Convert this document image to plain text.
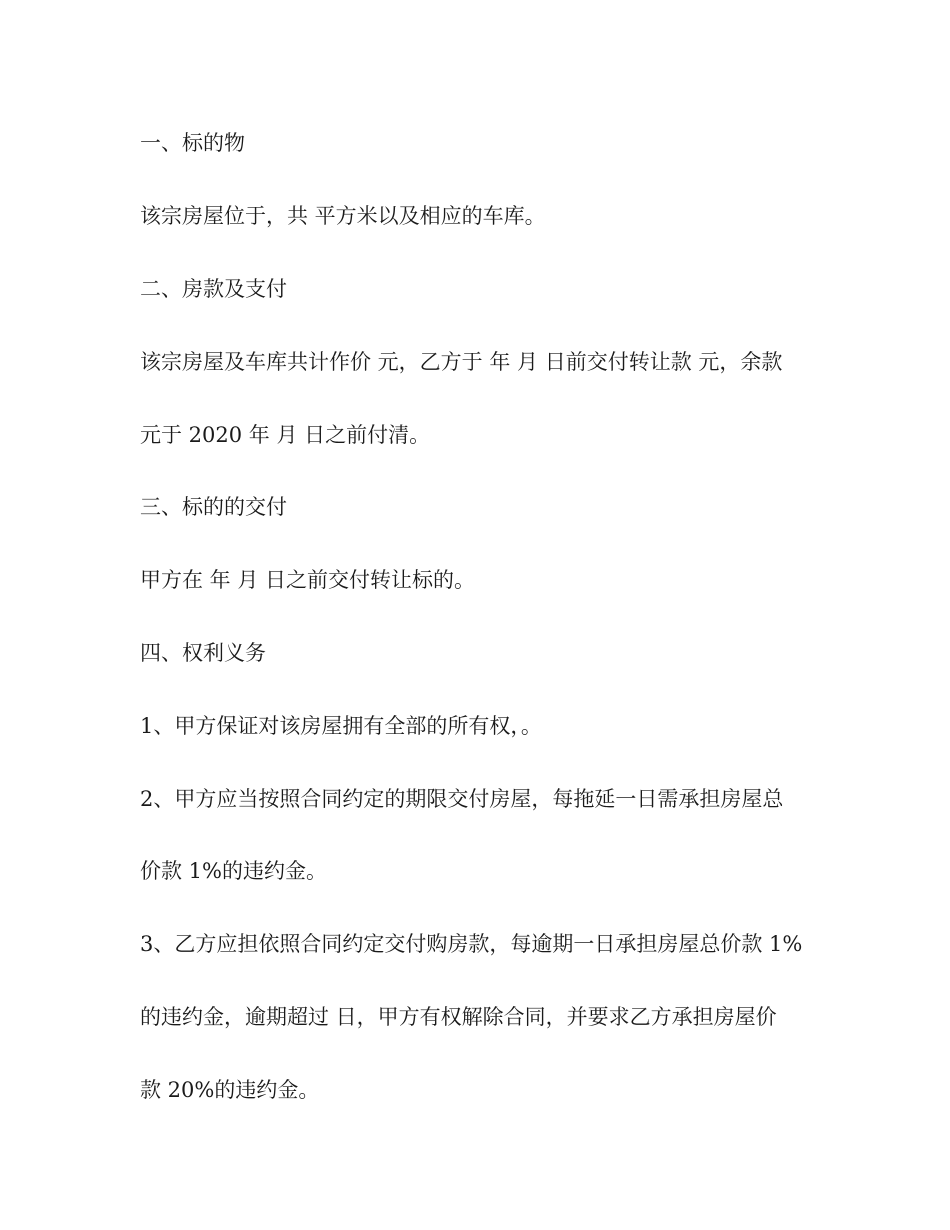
一、标的物

该宗房屋位于，共 平方米以及相应的车库。

二、房款及支付

该宗房屋及车库共计作价 元，乙方于 年 月 日前交付转让款 元，余款

元于 2020 年 月 日之前付清。

三、标的的交付

甲方在 年 月 日之前交付转让标的。

四、权利义务

1、甲方保证对该房屋拥有全部的所有权，。

2、甲方应当按照合同约定的期限交付房屋，每拖延一日需承担房屋总

价款 1%的违约金。

3、乙方应担依照合同约定交付购房款，每逾期一日承担房屋总价款 1%

的违约金，逾期超过 日，甲方有权解除合同，并要求乙方承担房屋价

款 20%的违约金。
